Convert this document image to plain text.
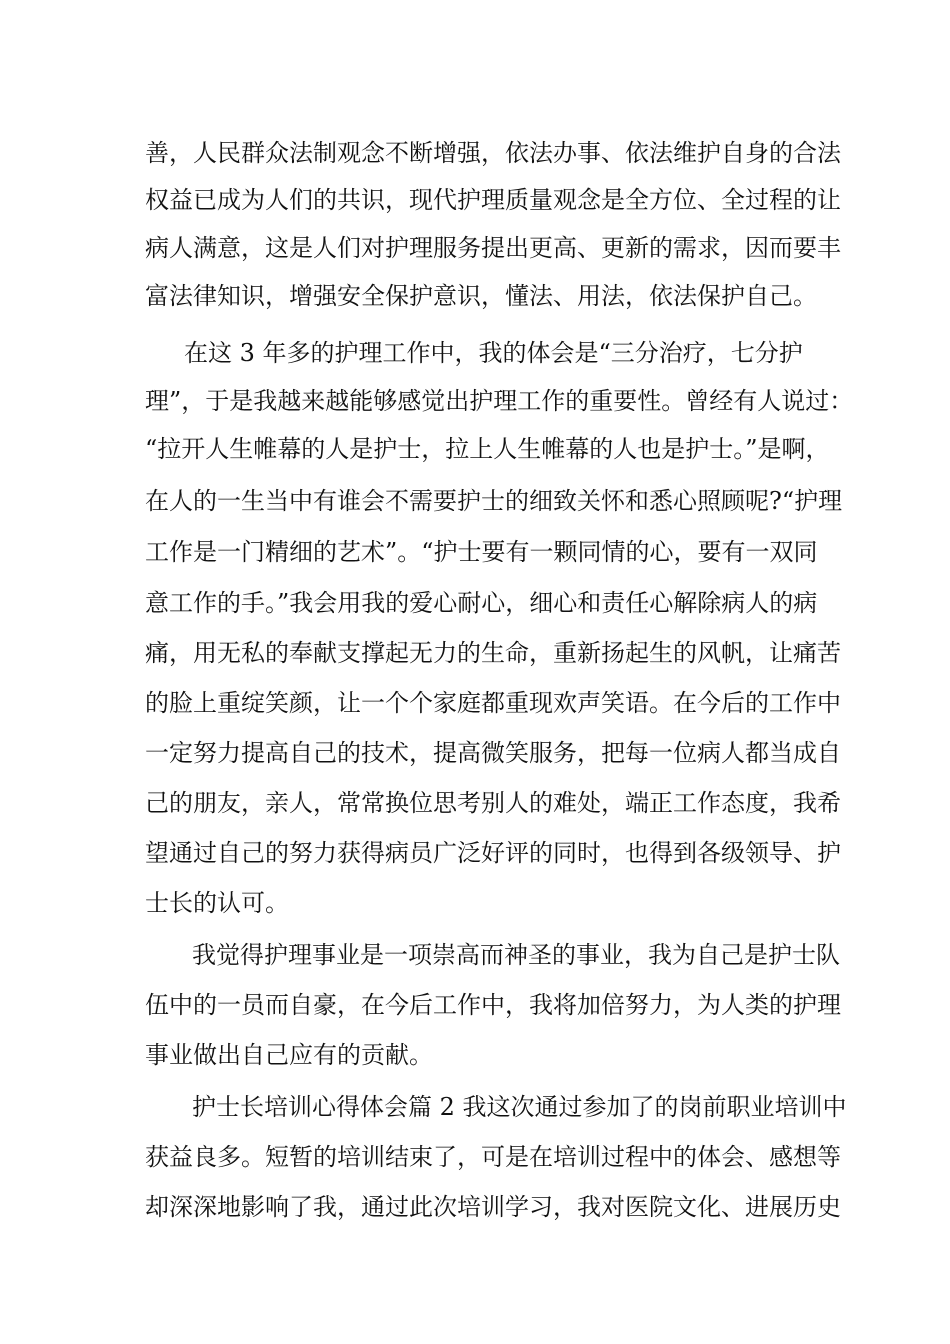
善，人民群众法制观念不断增强，依法办事、依法维护自身的合法
权益已成为人们的共识，现代护理质量观念是全方位、全过程的让
病人满意，这是人们对护理服务提出更高、更新的需求，因而要丰
富法律知识，增强安全保护意识，懂法、用法，依法保护自己。
在这 3 年多的护理工作中，我的体会是“三分治疗，七分护
理”，于是我越来越能够感觉出护理工作的重要性。曾经有人说过：
“拉开人生帷幕的人是护士，拉上人生帷幕的人也是护士。”是啊，
在人的一生当中有谁会不需要护士的细致关怀和悉心照顾呢?“护理
工作是一门精细的艺术”。“护士要有一颗同情的心，要有一双同
意工作的手。”我会用我的爱心耐心，细心和责任心解除病人的病
痛，用无私的奉献支撑起无力的生命，重新扬起生的风帆，让痛苦
的脸上重绽笑颜，让一个个家庭都重现欢声笑语。在今后的工作中
一定努力提高自己的技术，提高微笑服务，把每一位病人都当成自
己的朋友，亲人，常常换位思考别人的难处，端正工作态度，我希
望通过自己的努力获得病员广泛好评的同时，也得到各级领导、护
士长的认可。
我觉得护理事业是一项崇高而神圣的事业，我为自己是护士队
伍中的一员而自豪，在今后工作中，我将加倍努力，为人类的护理
事业做出自己应有的贡献。
护士长培训心得体会篇 2 我这次通过参加了的岗前职业培训中
获益良多。短暂的培训结束了，可是在培训过程中的体会、感想等
却深深地影响了我，通过此次培训学习，我对医院文化、进展历史
